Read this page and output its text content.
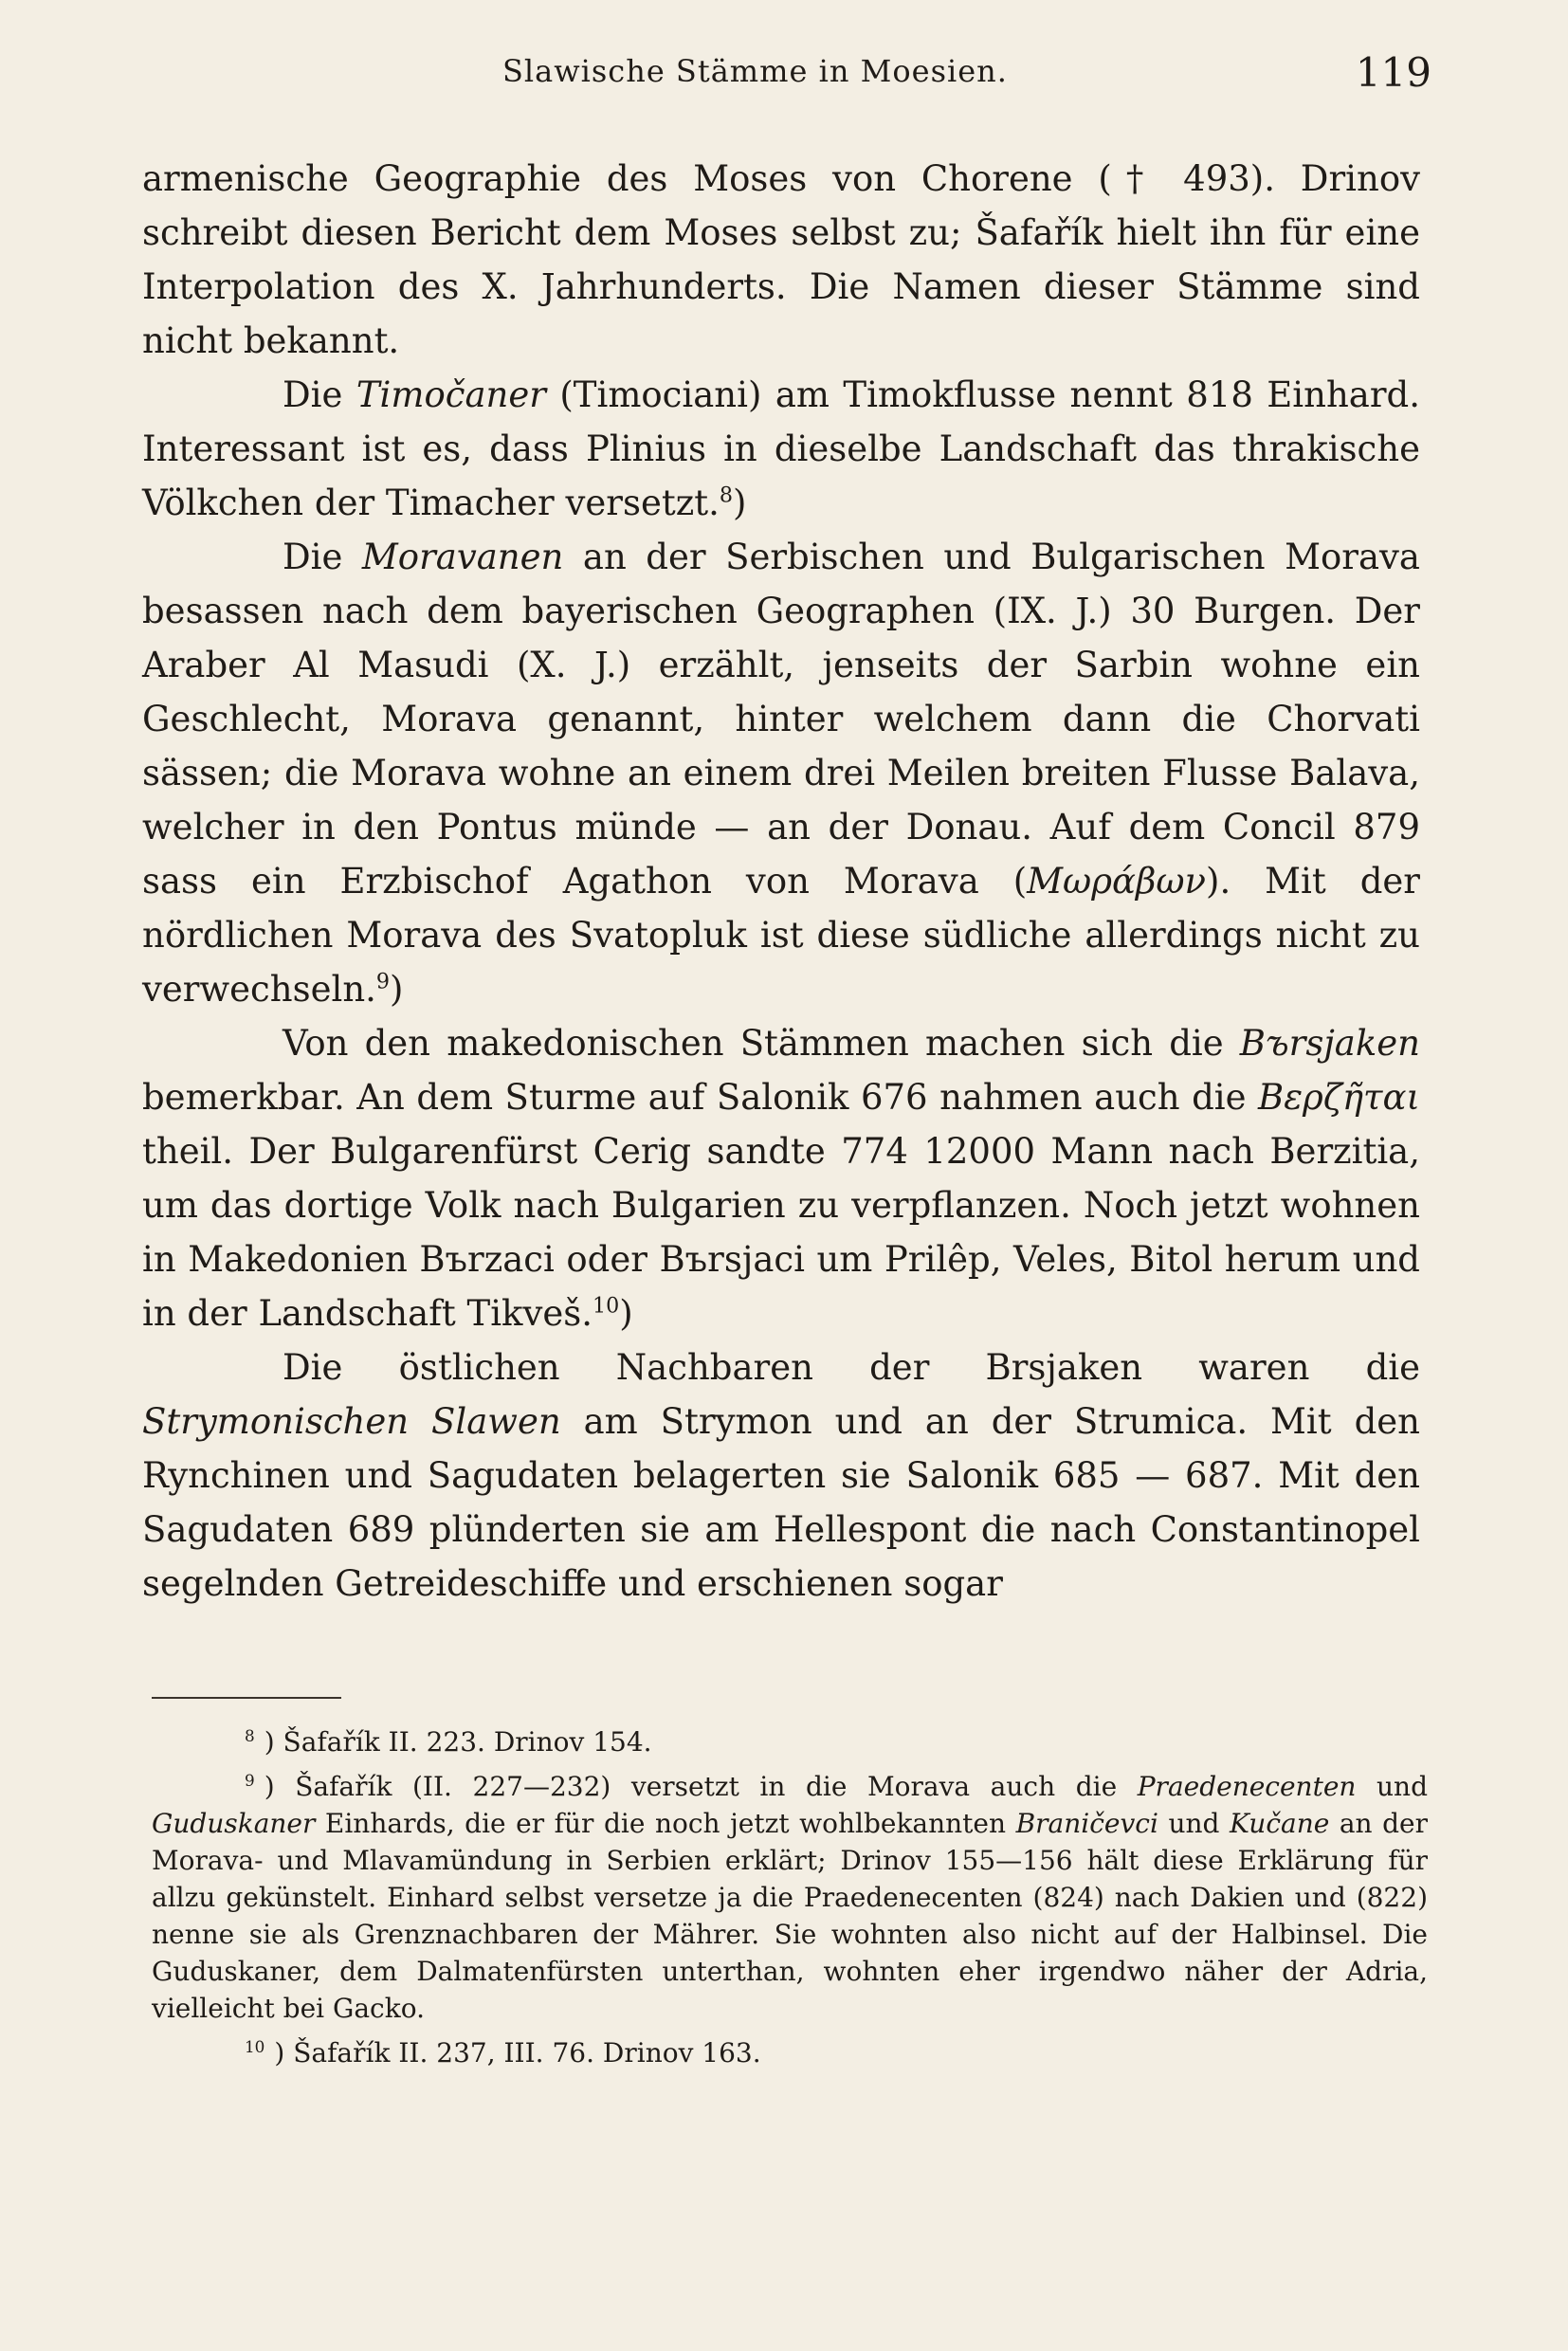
Slawische Stämme in Moesien.	119

armenische Geographie des Moses von Chorene († 493). Drinov schreibt diesen Bericht dem Moses selbst zu; Šafařík hielt ihn für eine Interpolation des X. Jahrhunderts. Die Namen dieser Stämme sind nicht bekannt.

Die Timočaner (Timociani) am Timokflusse nennt 818 Einhard. Interessant ist es, dass Plinius in dieselbe Landschaft das thrakische Völkchen der Timacher versetzt.$^8$)

Die Moravanen an der Serbischen und Bulgarischen Morava besassen nach dem bayerischen Geographen (IX. J.) 30 Burgen. Der Araber Al Masudi (X. J.) erzählt, jenseits der Sarbin wohne ein Geschlecht, Morava genannt, hinter welchem dann die Chorvati sässen; die Morava wohne an einem drei Meilen breiten Flusse Balava, welcher in den Pontus münde — an der Donau. Auf dem Concil 879 sass ein Erzbischof Agathon von Morava (Μωράβων). Mit der nördlichen Morava des Svatopluk ist diese südliche allerdings nicht zu verwechseln.$^9$)

Von den makedonischen Stämmen machen sich die Bъrsjaken bemerkbar. An dem Sturme auf Salonik 676 nahmen auch die Βερζῆται theil. Der Bulgarenfürst Cerig sandte 774 12000 Mann nach Berzitia, um das dortige Volk nach Bulgarien zu verpflanzen. Noch jetzt wohnen in Makedonien Bъrzaci oder Bъrsjaci um Prilêp, Veles, Bitol herum und in der Landschaft Tikveš.$^{10}$)

Die östlichen Nachbaren der Brsjaken waren die Strymonischen Slawen am Strymon und an der Strumica. Mit den Rynchinen und Sagudaten belagerten sie Salonik 685 — 687. Mit den Sagudaten 689 plünderten sie am Hellespont die nach Constantinopel segelnden Getreideschiffe und erschienen sogar

$^8$ ) Šafařík II. 223. Drinov 154.

$^9$ ) Šafařík (II. 227—232) versetzt in die Morava auch die Praedenecenten und Guduskaner Einhards, die er für die noch jetzt wohlbekannten Braničevci und Kučane an der Morava- und Mlavamündung in Serbien erklärt; Drinov 155—156 hält diese Erklärung für allzu gekünstelt. Einhard selbst versetze ja die Praedenecenten (824) nach Dakien und (822) nenne sie als Grenznachbaren der Mährer. Sie wohnten also nicht auf der Halbinsel. Die Guduskaner, dem Dalmatenfürsten unterthan, wohnten eher irgendwo näher der Adria, vielleicht bei Gacko.

$^{10}$ ) Šafařík II. 237, III. 76. Drinov 163.
